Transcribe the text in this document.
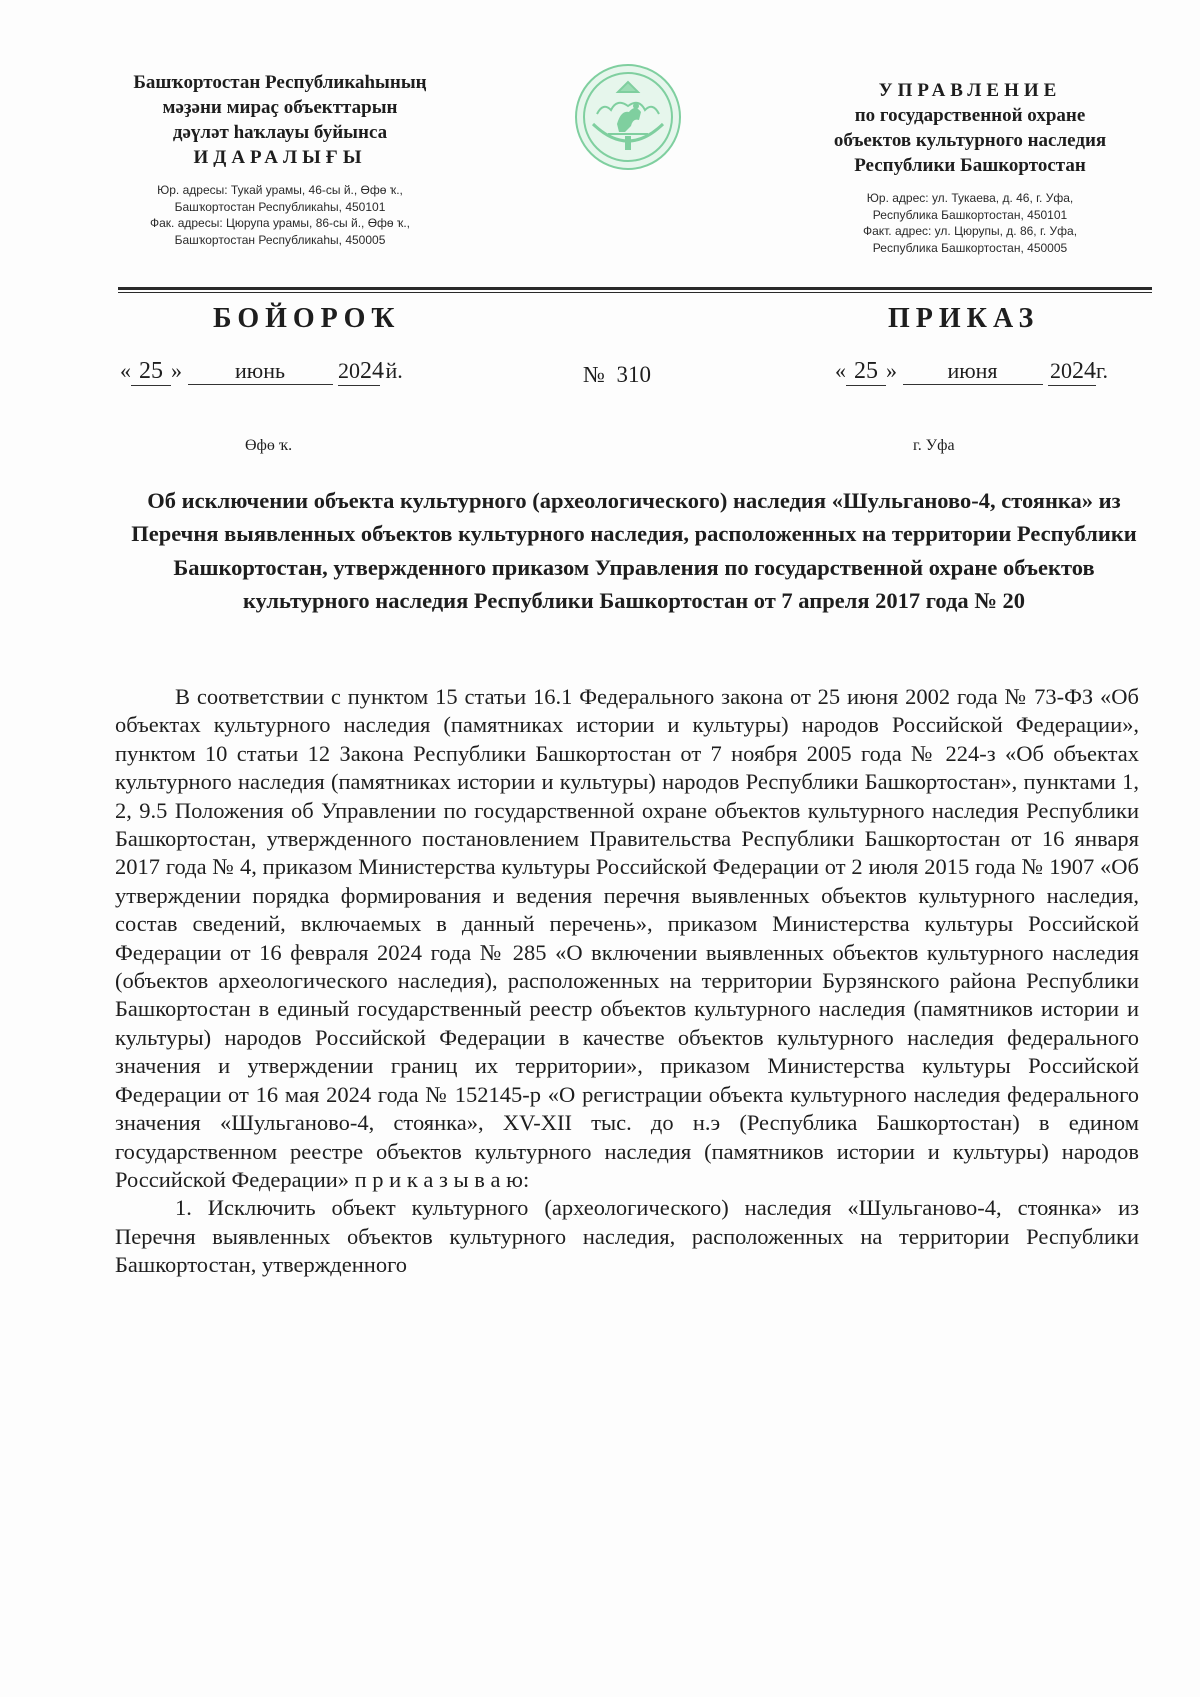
Башҡортостан Республикаһының

мәҙәни мираҫ объекттарын

дәүләт һаҡлауы буйынса

ИДАРАЛЫҒЫ

Юр. адресы: Тукай урамы, 46-сы й., Өфө ҡ.,
Башҡортостан Республикаһы, 450101
Фак. адресы: Цюрупа урамы, 86-сы й., Өфө ҡ.,
Башҡортостан Республикаһы, 450005

УПРАВЛЕНИЕ

по государственной охране

объектов культурного наследия

Республики Башкортостан

Юр. адрес: ул. Тукаева, д. 46, г. Уфа,
Республика Башкортостан, 450101
Факт. адрес: ул. Цюрупы, д. 86, г. Уфа,
Республика Башкортостан, 450005
БОЙОРОҠ	ПРИКАЗ
« 25 » июнь 2024 й.	№ 310	« 25 » июня 2024г.
Өфө ҡ.	г. Уфа

Об исключении объекта культурного (археологического) наследия «Шульганово-4, стоянка» из Перечня выявленных объектов культурного наследия, расположенных на территории Республики Башкортостан, утвержденного приказом Управления по государственной охране объектов культурного наследия Республики Башкортостан от 7 апреля 2017 года № 20

В соответствии с пунктом 15 статьи 16.1 Федерального закона от 25 июня 2002 года № 73-ФЗ «Об объектах культурного наследия (памятниках истории и культуры) народов Российской Федерации», пунктом 10 статьи 12 Закона Республики Башкортостан от 7 ноября 2005 года № 224-з «Об объектах культурного наследия (памятниках истории и культуры) народов Республики Башкортостан», пунктами 1, 2, 9.5 Положения об Управлении по государственной охране объектов культурного наследия Республики Башкортостан, утвержденного постановлением Правительства Республики Башкортостан от 16 января 2017 года № 4, приказом Министерства культуры Российской Федерации от 2 июля 2015 года № 1907 «Об утверждении порядка формирования и ведения перечня выявленных объектов культурного наследия, состав сведений, включаемых в данный перечень», приказом Министерства культуры Российской Федерации от 16 февраля 2024 года № 285 «О включении выявленных объектов культурного наследия (объектов археологического наследия), расположенных на территории Бурзянского района Республики Башкортостан в единый государственный реестр объектов культурного наследия (памятников истории и культуры) народов Российской Федерации в качестве объектов культурного наследия федерального значения и утверждении границ их территории», приказом Министерства культуры Российской Федерации от 16 мая 2024 года № 152145-р «О регистрации объекта культурного наследия федерального значения «Шульганово-4, стоянка», XV-XII тыс. до н.э (Республика Башкортостан) в едином государственном реестре объектов культурного наследия (памятников истории и культуры) народов Российской Федерации» п р и к а з ы в а ю:

1. Исключить объект культурного (археологического) наследия «Шульганово-4, стоянка» из Перечня выявленных объектов культурного наследия, расположенных на территории Республики Башкортостан, утвержденного
